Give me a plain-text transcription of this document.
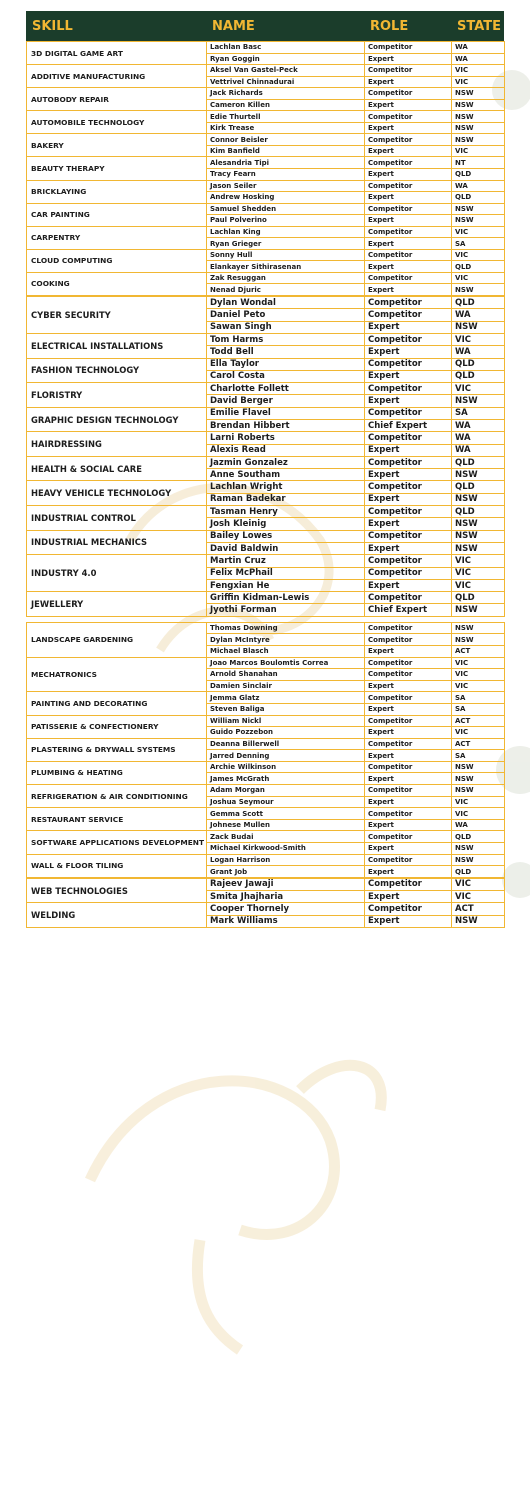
SKILL	NAME	ROLE	STATE
3D DIGITAL GAME ART	Lachlan Basc	Competitor	WA
	Ryan Goggin	Expert	WA
ADDITIVE MANUFACTURING	Aksel Van Gastel-Peck	Competitor	VIC
	Vettrivel Chinnadurai	Expert	VIC
AUTOBODY REPAIR	Jack Richards	Competitor	NSW
	Cameron Killen	Expert	NSW
AUTOMOBILE TECHNOLOGY	Edie Thurtell	Competitor	NSW
	Kirk Trease	Expert	NSW
BAKERY	Connor Beisler	Competitor	NSW
	Kim Banfield	Expert	VIC
BEAUTY THERAPY	Alesandria Tipi	Competitor	NT
	Tracy Fearn	Expert	QLD
BRICKLAYING	Jason Seiler	Competitor	WA
	Andrew Hosking	Expert	QLD
CAR PAINTING	Samuel Shedden	Competitor	NSW
	Paul Polverino	Expert	NSW
CARPENTRY	Lachlan King	Competitor	VIC
	Ryan Grieger	Expert	SA
CLOUD COMPUTING	Sonny Hull	Competitor	VIC
	Elankayer Sithirasenan	Expert	QLD
COOKING	Zak Resuggan	Competitor	VIC
	Nenad Djuric	Expert	NSW
CYBER SECURITY	Dylan Wondal	Competitor	QLD
	Daniel Peto	Competitor	WA
	Sawan Singh	Expert	NSW
ELECTRICAL INSTALLATIONS	Tom Harms	Competitor	VIC
	Todd Bell	Expert	WA
FASHION TECHNOLOGY	Ella Taylor	Competitor	QLD
	Carol Costa	Expert	QLD
FLORISTRY	Charlotte Follett	Competitor	VIC
	David Berger	Expert	NSW
GRAPHIC DESIGN TECHNOLOGY	Emilie Flavel	Competitor	SA
	Brendan Hibbert	Chief Expert	WA
HAIRDRESSING	Larni Roberts	Competitor	WA
	Alexis Read	Expert	WA
HEALTH & SOCIAL CARE	Jazmin Gonzalez	Competitor	QLD
	Anne Southam	Expert	NSW
HEAVY VEHICLE TECHNOLOGY	Lachlan Wright	Competitor	QLD
	Raman Badekar	Expert	NSW
INDUSTRIAL CONTROL	Tasman Henry	Competitor	QLD
	Josh Kleinig	Expert	NSW
INDUSTRIAL MECHANICS	Bailey Lowes	Competitor	NSW
	David Baldwin	Expert	NSW
INDUSTRY 4.0	Martin Cruz	Competitor	VIC
	Felix McPhail	Competitor	VIC
	Fengxian He	Expert	VIC
JEWELLERY	Griffin Kidman-Lewis	Competitor	QLD
	Jyothi Forman	Chief Expert	NSW
LANDSCAPE GARDENING	Thomas Downing	Competitor	NSW
	Dylan McIntyre	Competitor	NSW
	Michael Blasch	Expert	ACT
MECHATRONICS	Joao Marcos Boulomtis Correa	Competitor	VIC
	Arnold Shanahan	Competitor	VIC
	Damien Sinclair	Expert	VIC
PAINTING AND DECORATING	Jemma Glatz	Competitor	SA
	Steven Baliga	Expert	SA
PATISSERIE & CONFECTIONERY	William Nickl	Competitor	ACT
	Guido Pozzebon	Expert	VIC
PLASTERING & DRYWALL SYSTEMS	Deanna Billerwell	Competitor	ACT
	Jarred Denning	Expert	SA
PLUMBING & HEATING	Archie Wilkinson	Competitor	NSW
	James McGrath	Expert	NSW
REFRIGERATION & AIR CONDITIONING	Adam Morgan	Competitor	NSW
	Joshua Seymour	Expert	VIC
RESTAURANT SERVICE	Gemma Scott	Competitor	VIC
	Johnese Mullen	Expert	WA
SOFTWARE APPLICATIONS DEVELOPMENT	Zack Budai	Competitor	QLD
	Michael Kirkwood-Smith	Expert	NSW
WALL & FLOOR TILING	Logan Harrison	Competitor	NSW
	Grant Job	Expert	QLD
WEB TECHNOLOGIES	Rajeev Jawaji	Competitor	VIC
	Smita Jhajharia	Expert	VIC
WELDING	Cooper Thornely	Competitor	ACT
	Mark Williams	Expert	NSW
